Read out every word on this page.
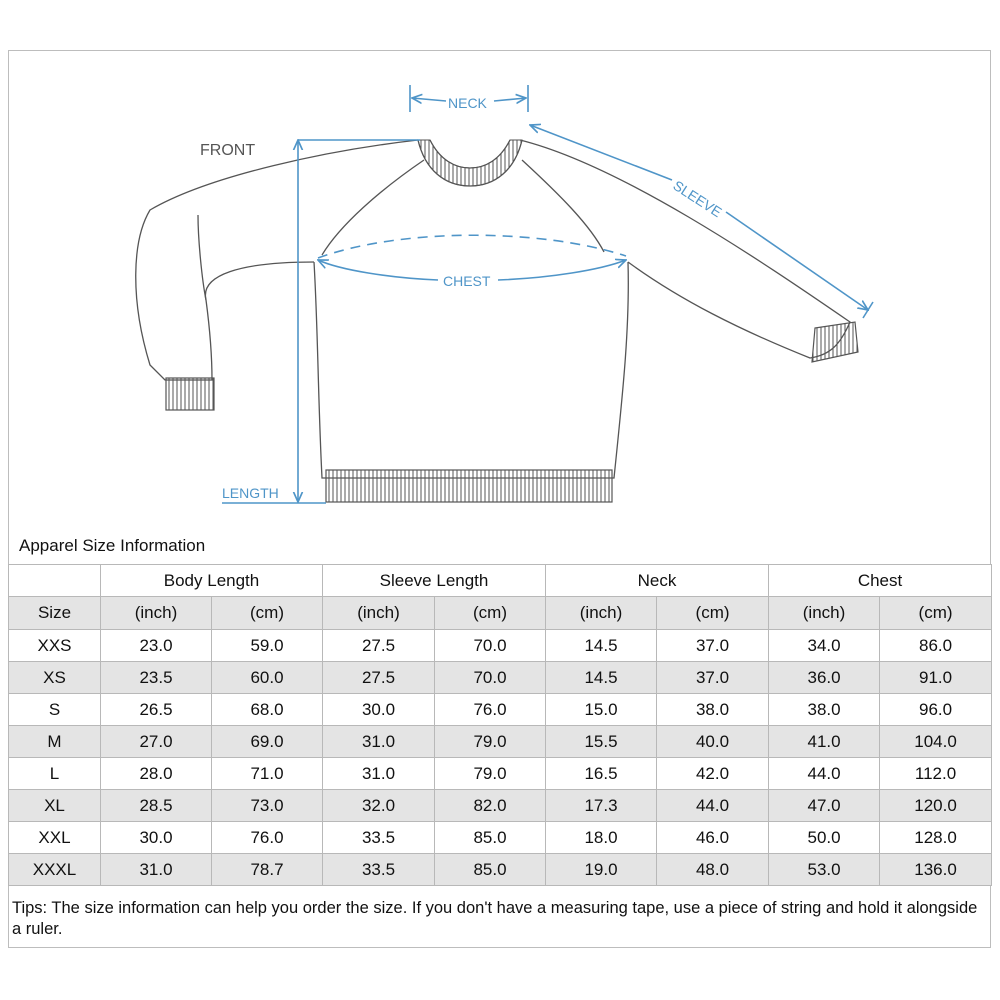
FRONT
NECK
SLEEVE
CHEST
LENGTH
Apparel Size Information
	Body Length		Sleeve Length		Neck		Chest	
Size	(inch)	(cm)	(inch)	(cm)	(inch)	(cm)	(inch)	(cm)
XXS	23.0	59.0	27.5	70.0	14.5	37.0	34.0	86.0
XS	23.5	60.0	27.5	70.0	14.5	37.0	36.0	91.0
S	26.5	68.0	30.0	76.0	15.0	38.0	38.0	96.0
M	27.0	69.0	31.0	79.0	15.5	40.0	41.0	104.0
L	28.0	71.0	31.0	79.0	16.5	42.0	44.0	112.0
XL	28.5	73.0	32.0	82.0	17.3	44.0	47.0	120.0
XXL	30.0	76.0	33.5	85.0	18.0	46.0	50.0	128.0
XXXL	31.0	78.7	33.5	85.0	19.0	48.0	53.0	136.0
Tips: The size information can help you order the size. If you don't have a measuring tape, use a piece of string and hold it alongside a ruler.
